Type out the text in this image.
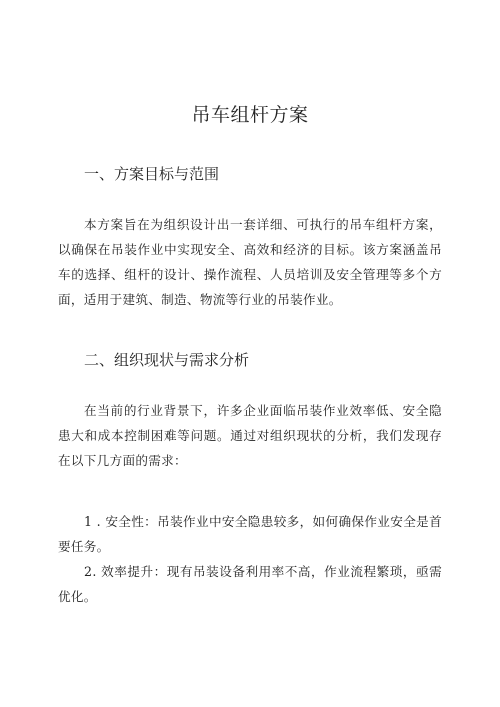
吊车组杆方案
一、方案目标与范围

本方案旨在为组织设计出一套详细、可执行的吊车组杆方案，以确保在吊装作业中实现安全、高效和经济的目标。该方案涵盖吊车的选择、组杆的设计、操作流程、人员培训及安全管理等多个方面，适用于建筑、制造、物流等行业的吊装作业。

二、组织现状与需求分析

在当前的行业背景下，许多企业面临吊装作业效率低、安全隐患大和成本控制困难等问题。通过对组织现状的分析，我们发现存在以下几方面的需求：

1 . 安全性：吊装作业中安全隐患较多，如何确保作业安全是首要任务。

2. 效率提升：现有吊装设备利用率不高，作业流程繁琐，亟需优化。
